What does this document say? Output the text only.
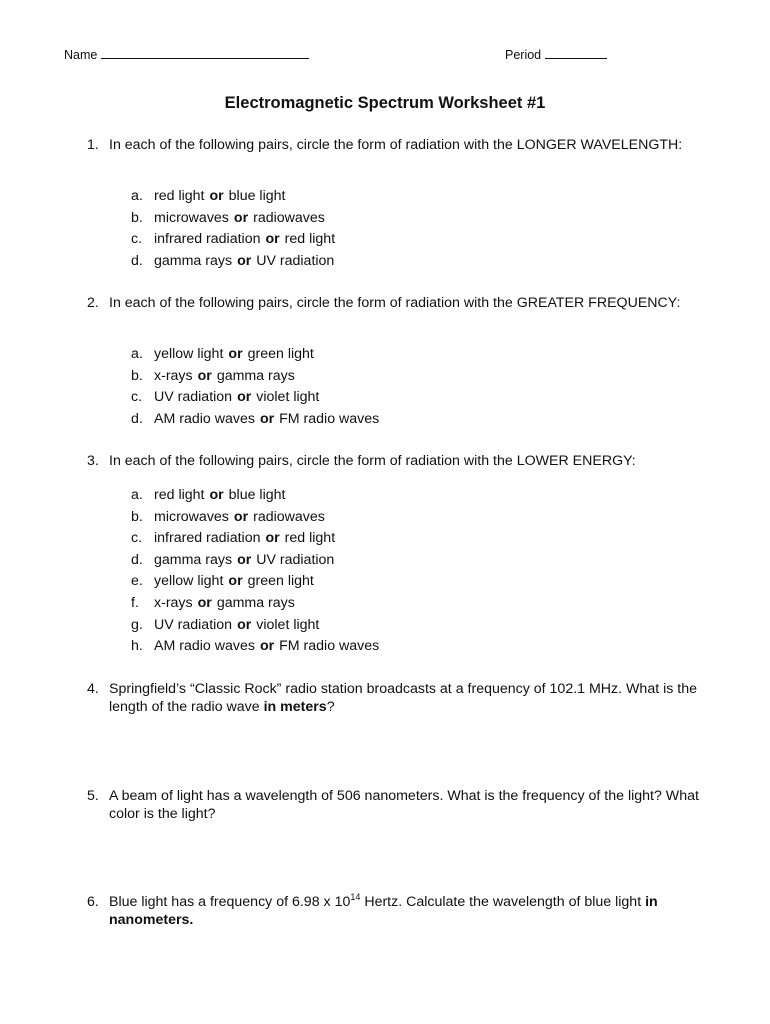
Name	Period
Electromagnetic Spectrum Worksheet #1
1. In each of the following pairs, circle the form of radiation with the LONGER WAVELENGTH:
a. red light or blue light
b. microwaves or radiowaves
c. infrared radiation or red light
d. gamma rays or UV radiation
2. In each of the following pairs, circle the form of radiation with the GREATER FREQUENCY:
a. yellow light or green light
b. x-rays or gamma rays
c. UV radiation or violet light
d. AM radio waves or FM radio waves
3. In each of the following pairs, circle the form of radiation with the LOWER ENERGY:
a. red light or blue light
b. microwaves or radiowaves
c. infrared radiation or red light
d. gamma rays or UV radiation
e. yellow light or green light
f. x-rays or gamma rays
g. UV radiation or violet light
h. AM radio waves or FM radio waves
4. Springfield’s “Classic Rock” radio station broadcasts at a frequency of 102.1 MHz. What is the length of the radio wave in meters?
5. A beam of light has a wavelength of 506 nanometers. What is the frequency of the light? What color is the light?
6. Blue light has a frequency of 6.98 x $10^{14}$ Hertz. Calculate the wavelength of blue light in nanometers.
